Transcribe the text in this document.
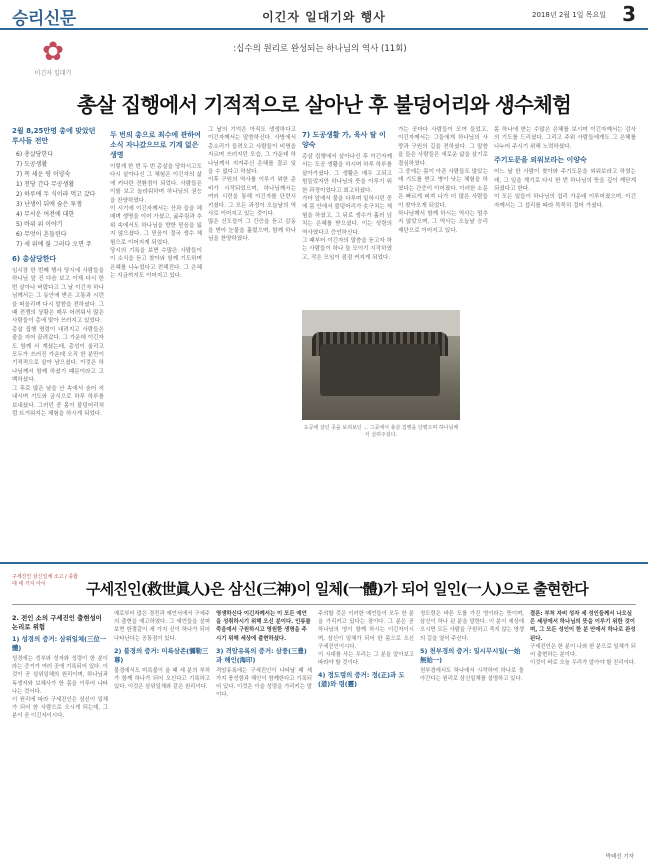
승리신문	이긴자 일대기와 행사	2018년 2월 1일 목요일 3
✿
이긴자 일대기
:십수의 원리로 완성되는 하나님의 역사 (11회)
총살 집행에서 기적적으로 살아난 후 불덩어리와 생수체험
2월 8,25만명 총에 맞았던 투사들 전만
6) 총살당한다
7) 도공생활
7) 목 세운 평 이양숙
1) 천당 간다 무공생활
2) 하루에 두 식이라 먹고 갔다
3) 난생이 뒤에 숨은 투쟁
4) 무서운 여전에 대한
5) 바위 위 이야기
6) 무엇이 흔들린다
7) 세 위에 불 그러다 오면 주
6) 총살당한다

임시장 한 번째 행사 당시에 사람들을 하나님 앞 진 다음 보고 이제 다시 한 번 살아나 버렸다고 그 날 이긴자 하나님께서는 그 동안에 받은 고통과 시련을 떠올리며 다시 말씀을 전하셨다. 그 때 전쟁의 상황은 매우 어려워서 많은 사람들이 총에 맞아 쓰러지고 있었다.

총살 집행 명령이 내려지고 사람들은 줄을 지어 끌려갔다. 그 가운데 이긴자도 함께 서 계셨는데, 총성이 울리고 모두가 쓰러진 가운데 오직 한 분만이 기적적으로 살아 남으셨다. 이것은 하나님께서 함께 하셨기 때문이라고 고백하셨다.

그 후로 많은 날을 산 속에서 숨어 지내시며 기도와 금식으로 하루 하루를 보내셨다. 그러던 중 몸이 불덩어리처럼 뜨거워지는 체험을 하시게 되었다.

두 번의 총으로 죄수에 관하여 소식 자나갔으므로 기계 없은 생명

이렇게 한 번 두 번 총살을 당하시고도 다시 살아나신 그 체험은 이긴자의 삶에 커다란 전환점이 되었다. 사람들은 이를 보고 놀라워하며 하나님의 권능을 찬양하였다.

이 시기에 이긴자께서는 산과 들을 헤매며 생명을 이어 가셨고, 굶주림과 추위 속에서도 하나님을 향한 믿음을 잃지 않으셨다. 그 믿음이 결국 생수 체험으로 이어지게 되었다.

당시의 기록을 보면 수많은 사람들이 이 소식을 듣고 찾아와 함께 기도하며 은혜를 나누었다고 전해진다. 그 은혜는 지금까지도 이어지고 있다.

그 날의 기억은 아직도 생생하다고 이긴자께서는 말씀하신다. 사방에서 총소리가 들려오고 사람들이 비명을 지르며 쓰러지던 모습, 그 가운데 하나님께서 지켜주신 은혜를 결코 잊을 수 없다고 하셨다.

이후 구원의 역사를 이루기 위한 준비가 시작되었으며, 하나님께서는 여러 시련을 통해 이긴자를 단련시키셨다. 그 모든 과정이 오늘날의 역사로 이어지고 있는 것이다.

많은 신도들이 그 간증을 듣고 감동을 받아 눈물을 흘렸으며, 함께 하나님을 찬양하였다.

7) 도공생활 가, 육사 탈 이양숙

총살 집행에서 살아나신 후 이긴자께서는 도공 생활을 하시며 하루 하루를 살아가셨다. 그 생활은 매우 고되고 힘들었지만 하나님의 뜻을 이루기 위한 과정이었다고 회고하셨다.

가마 앞에서 불을 다루며 일하시던 중에 몸 안에서 불덩어리가 솟구치는 체험을 하셨고, 그 뒤로 생수가 흘러 넘치는 은혜를 받으셨다. 이는 성령의 역사였다고 증언하신다.

그 때부터 이긴자의 말씀을 듣고자 하는 사람들이 하나 둘 모이기 시작하였고, 작은 모임이 점점 커지게 되었다.

가는 곳마다 사람들이 모여 들었고, 이긴자께서는 그들에게 하나님의 사랑과 구원의 길을 전하셨다. 그 말씀을 들은 사람들은 새로운 삶을 살기로 결심하였다.

그 중에는 몸이 아픈 사람들도 많았는데 기도를 받고 병이 낫는 체험을 하였다는 간증이 이어졌다. 이러한 소문은 빠르게 퍼져 나가 더 많은 사람들이 찾아오게 되었다.

하나님께서 함께 하시는 역사는 멈추지 않았으며, 그 역사는 오늘날 승리제단으로 이어지고 있다.

몸 하나에 받는 수많은 은혜를 보시며 이긴자께서는 감사의 기도를 드리셨다. 그리고 주위 사람들에게도 그 은혜를 나누어 주시기 위해 노력하셨다.

주기도문을 외워보라는 이양숙

어느 날 한 사람이 찾아와 주기도문을 외워보라고 하였는데, 그 일을 계기로 다시 한 번 하나님의 뜻을 깊이 깨닫게 되셨다고 한다.

이 모든 일들이 하나님의 섭리 가운데 이루어졌으며, 이긴자께서는 그 섭리를 따라 묵묵히 걸어 가셨다.

도공에 살던 곳을 보려보던 ... 그곳에서 총살 집행을 당했으며 하나님께서 살려주셨다.
구세진인 삼신일체 소고 / 종합대 세 가지 아이	구세진인(救世眞人)은 삼신(三神)이 일체(一體)가 되어 일인(一人)으로 출현한다
2. 전인 소의 구세진인 출현성이 논리로 위험
1) 성경의 증거: 삼위일체(三位一體)

성경에는 성부와 성자와 성령이 한 분이라는 증거가 여러 곳에 기록되어 있다. 이것이 곧 삼위일체의 원리이며, 하나님과 독생자와 보혜사가 한 몸을 이루어 나타나는 것이다.

이 원리에 따라 구세진인은 삼신이 일체가 되어 한 사람으로 오시게 되는데, 그 분이 곧 이긴자이시다.

예로부터 많은 경전과 예언서에서 구세주의 출현을 예고하였다. 그 예언들을 살펴보면 한결같이 세 가지 신이 하나가 되어 나타난다는 공통점이 있다.

2) 불경의 증거: 미륵삼존(彌勒三尊)

불경에서도 미륵불이 올 때 세 분의 부처가 함께 하나가 되어 오신다고 기록하고 있다. 이것은 삼위일체와 같은 원리이다.

영생하신다 이긴자께서는 이 모든 예언을 성취하시기 위해 오신 분이다. 인류를 죽음에서 구원하시고 영원한 생명을 주시기 위해 세상에 출현하셨다.

3) 격암유록의 증거: 삼풍(三豊)과 해인(海印)

격암유록에는 구세진인이 나타날 때 세 가지 풍성함과 해인이 함께한다고 기록되어 있다. 이것은 이슬 성령을 가리키는 말이다.

주의할 것은 이러한 예언들이 모두 한 분을 가리키고 있다는 점이다. 그 분은 곧 하나님의 영이 함께 하시는 이긴자이시며, 삼신이 일체가 되어 한 몸으로 오신 구세진인이시다.

이 시대를 사는 우리는 그 분을 알아보고 따라야 할 것이다.

4) 정도령의 증거: 정(正)과 도(道)와 령(靈)

정도령은 바른 도를 가진 영이라는 뜻이며, 삼신이 하나 된 분을 말한다. 이 분이 세상에 오시면 모든 사람을 구원하고 죽지 않는 영생의 길을 열어 주신다.

5) 천부경의 증거: 일시무시일(一始無始一)

천부경에서도 하나에서 시작하여 하나로 돌아간다는 원리로 삼신일체를 설명하고 있다.

결론: 부처 자비 성자 세 성인들께서 나오심은 세상에서 하나님의 뜻을 이루기 위한 것이며, 그 모든 성인이 한 분 안에서 하나로 완성된다.

구세진인은 한 분이 나와 한 분으로 일체가 되어 출현하는 분이다.

이것이 바로 오늘 우리가 알아야 할 진리이다.

박태선 기자
